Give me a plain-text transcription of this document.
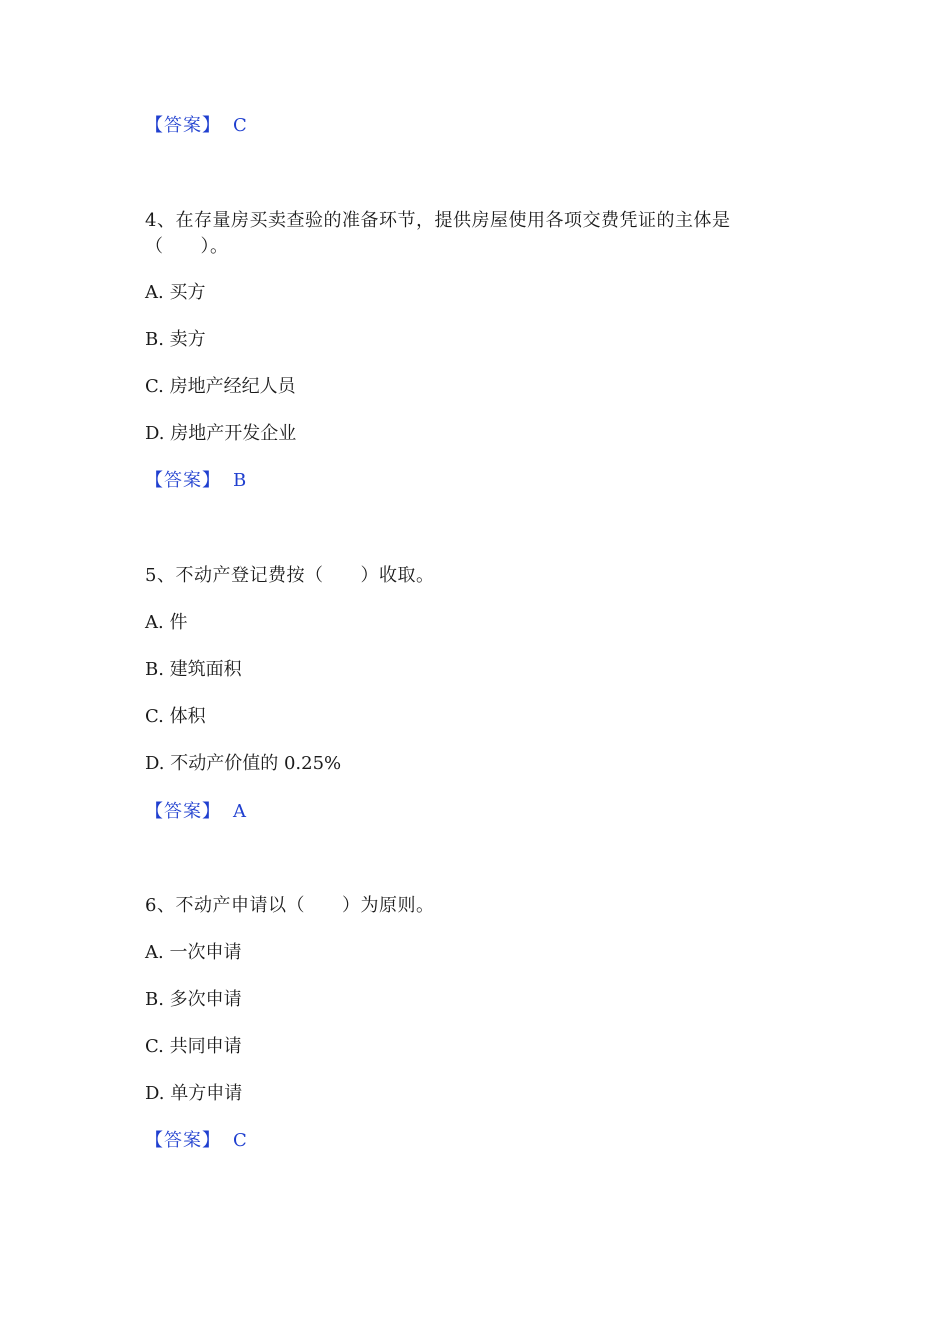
【答案】 C
4、在存量房买卖查验的准备环节，提供房屋使用各项交费凭证的主体是
（　　）。
A. 买方
B. 卖方
C. 房地产经纪人员
D. 房地产开发企业
【答案】 B
5、不动产登记费按（　　）收取。
A. 件
B. 建筑面积
C. 体积
D. 不动产价值的 0.25%
【答案】 A
6、不动产申请以（　　）为原则。
A. 一次申请
B. 多次申请
C. 共同申请
D. 单方申请
【答案】 C
